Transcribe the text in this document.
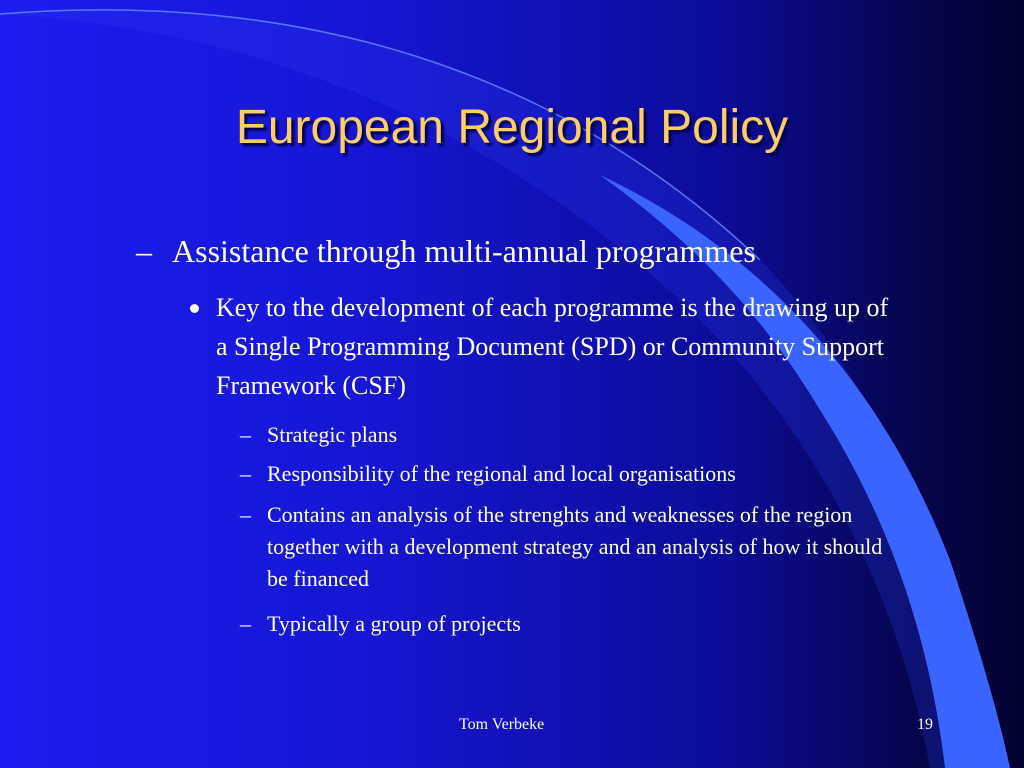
European Regional Policy
– Assistance through multi-annual programmes
Key to the development of each programme is the drawing up of a Single Programming Document (SPD) or Community Support Framework (CSF)
– Strategic plans
– Responsibility of the regional and local organisations
– Contains an analysis of the strenghts and weaknesses of the region together with a development strategy and an analysis of how it should be financed
– Typically a group of projects
Tom Verbeke	19
